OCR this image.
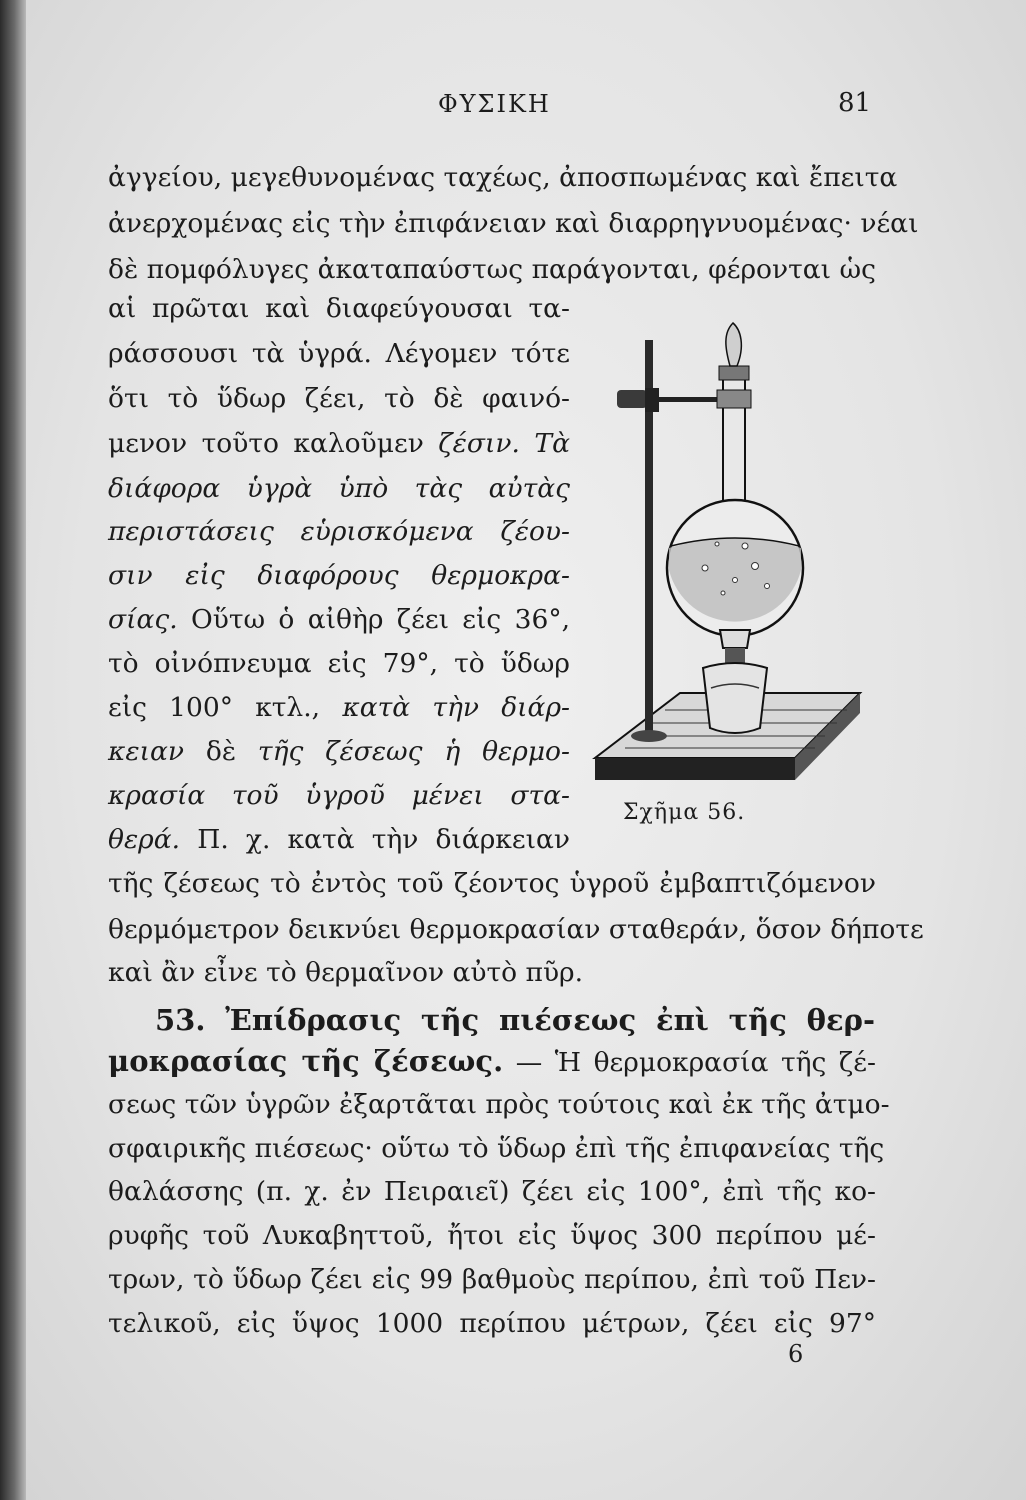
ΦΥΣΙΚΗ	81
ἀγγείου, μεγεθυνομένας ταχέως, ἀποσπωμένας καὶ ἔπειτα
ἀνερχομένας εἰς τὴν ἐπιφάνειαν καὶ διαρρηγνυομένας· νέαι
δὲ πομφόλυγες ἀκαταπαύστως παράγονται, φέρονται ὡς
αἱ πρῶται καὶ διαφεύγουσαι τα-
ράσσουσι τὰ ὑγρά. Λέγομεν τότε
ὅτι τὸ ὕδωρ ζέει, τὸ δὲ φαινό-
μενον τοῦτο καλοῦμεν ζέσιν. Τὰ
διάφορα ὑγρὰ ὑπὸ τὰς αὐτὰς
περιστάσεις εὑρισκόμενα ζέου-
σιν εἰς διαφόρους θερμοκρα-
σίας. Οὕτω ὁ αἰθὴρ ζέει εἰς 36°,
τὸ οἰνόπνευμα εἰς 79°, τὸ ὕδωρ
εἰς 100° κτλ., κατὰ τὴν διάρ-
κειαν δὲ τῆς ζέσεως ἡ θερμο-
κρασία τοῦ ὑγροῦ μένει στα-
θερά. Π. χ. κατὰ τὴν διάρκειαν
τῆς ζέσεως τὸ ἐντὸς τοῦ ζέοντος ὑγροῦ ἐμβαπτιζόμενον
θερμόμετρον δεικνύει θερμοκρασίαν σταθεράν, ὅσον δήποτε
καὶ ἂν εἶνε τὸ θερμαῖνον αὐτὸ πῦρ.
Σχῆμα 56.
53. Ἐπίδρασις τῆς πιέσεως ἐπὶ τῆς θερ-
μοκρασίας τῆς ζέσεως. — Ἡ θερμοκρασία τῆς ζέ-
σεως τῶν ὑγρῶν ἐξαρτᾶται πρὸς τούτοις καὶ ἐκ τῆς ἀτμο-
σφαιρικῆς πιέσεως· οὕτω τὸ ὕδωρ ἐπὶ τῆς ἐπιφανείας τῆς
θαλάσσης (π. χ. ἐν Πειραιεῖ) ζέει εἰς 100°, ἐπὶ τῆς κο-
ρυφῆς τοῦ Λυκαβηττοῦ, ἤτοι εἰς ὕψος 300 περίπου μέ-
τρων, τὸ ὕδωρ ζέει εἰς 99 βαθμοὺς περίπου, ἐπὶ τοῦ Πεν-
τελικοῦ, εἰς ὕψος 1000 περίπου μέτρων, ζέει εἰς 97°
6
